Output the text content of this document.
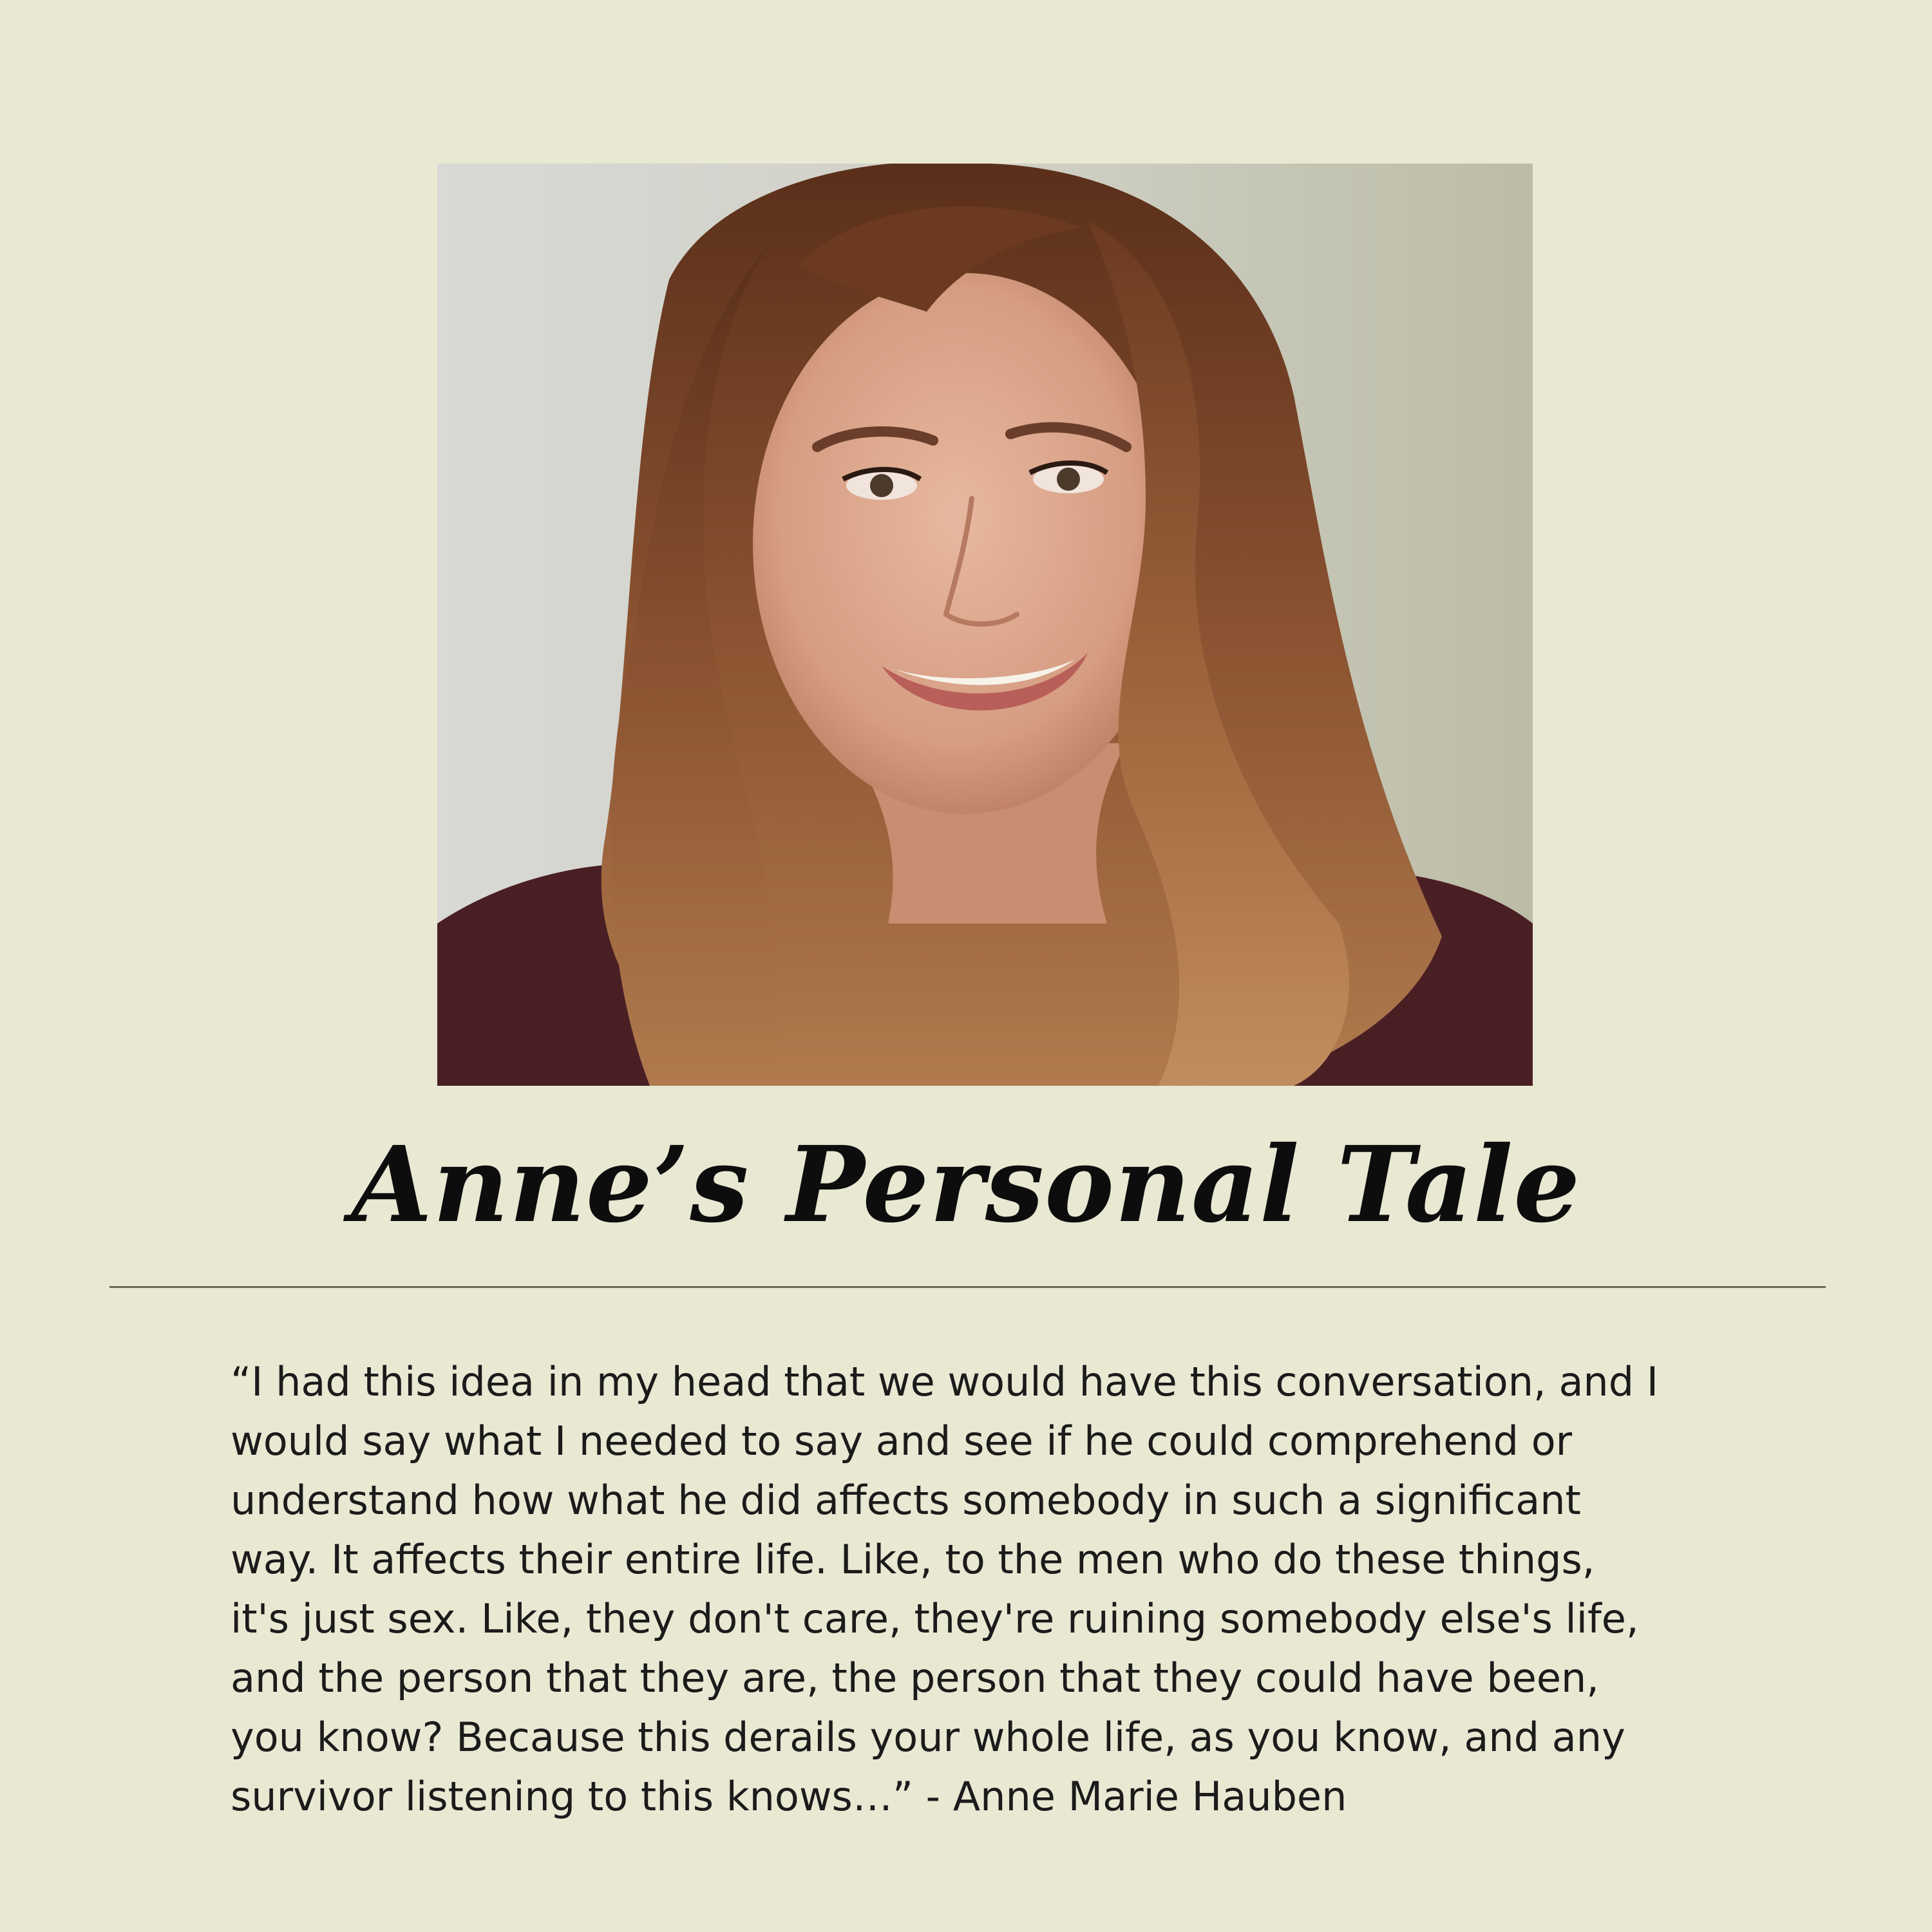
Anne’s Personal Tale
“I had this idea in my head that we would have this conversation, and I
would say what I needed to say and see if he could comprehend or
understand how what he did affects somebody in such a significant
way. It affects their entire life. Like, to the men who do these things,
it's just sex. Like, they don't care, they're ruining somebody else's life,
and the person that they are, the person that they could have been,
you know? Because this derails your whole life, as you know, and any
survivor listening to this knows…” - Anne Marie Hauben
